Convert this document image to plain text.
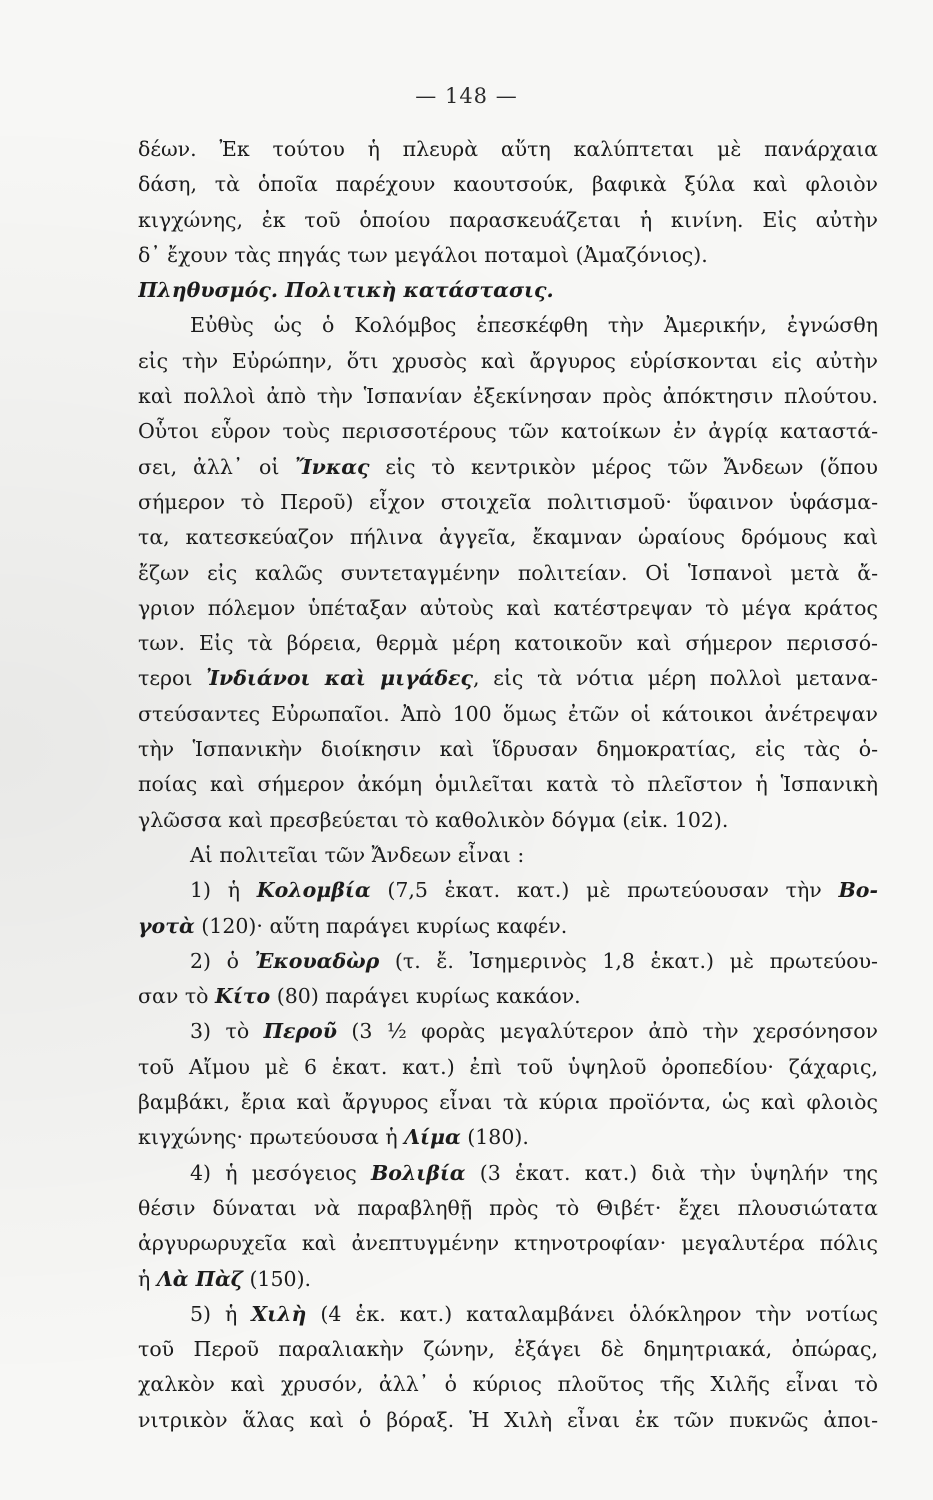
— 148 —
δέων. Ἐκ τούτου ἡ πλευρὰ αὕτη καλύπτεται μὲ πανάρχαια
δάση, τὰ ὁποῖα παρέχουν καουτσούκ, βαφικὰ ξύλα καὶ φλοιὸν
κιγχώνης, ἐκ τοῦ ὁποίου παρασκευάζεται ἡ κινίνη. Εἰς αὐτὴν
δ᾽ ἔχουν τὰς πηγάς των μεγάλοι ποταμοὶ (Ἀμαζόνιος).
Πληθυσμός. Πολιτικὴ κατάστασις.
Εὐθὺς ὡς ὁ Κολόμβος ἐπεσκέφθη τὴν Ἀμερικήν, ἐγνώσθη
εἰς τὴν Εὐρώπην, ὅτι χρυσὸς καὶ ἄργυρος εὑρίσκονται εἰς αὐτὴν
καὶ πολλοὶ ἀπὸ τὴν Ἱσπανίαν ἐξεκίνησαν πρὸς ἀπόκτησιν πλούτου.
Οὗτοι εὗρον τοὺς περισσοτέρους τῶν κατοίκων ἐν ἀγρίᾳ καταστά-
σει, ἀλλ᾽ οἱ Ἴνκας εἰς τὸ κεντρικὸν μέρος τῶν Ἄνδεων (ὅπου
σήμερον τὸ Περοῦ) εἶχον στοιχεῖα πολιτισμοῦ· ὕφαινον ὑφάσμα-
τα, κατεσκεύαζον πήλινα ἀγγεῖα, ἔκαμναν ὡραίους δρόμους καὶ
ἔζων εἰς καλῶς συντεταγμένην πολιτείαν. Οἱ Ἱσπανοὶ μετὰ ἄ-
γριον πόλεμον ὑπέταξαν αὐτοὺς καὶ κατέστρεψαν τὸ μέγα κράτος
των. Εἰς τὰ βόρεια, θερμὰ μέρη κατοικοῦν καὶ σήμερον περισσό-
τεροι Ἰνδιάνοι καὶ μιγάδες, εἰς τὰ νότια μέρη πολλοὶ μετανα-
στεύσαντες Εὐρωπαῖοι. Ἀπὸ 100 ὅμως ἐτῶν οἱ κάτοικοι ἀνέτρεψαν
τὴν Ἱσπανικὴν διοίκησιν καὶ ἵδρυσαν δημοκρατίας, εἰς τὰς ὁ-
ποίας καὶ σήμερον ἀκόμη ὁμιλεῖται κατὰ τὸ πλεῖστον ἡ Ἱσπανικὴ
γλῶσσα καὶ πρεσβεύεται τὸ καθολικὸν δόγμα (εἰκ. 102).
Αἱ πολιτεῖαι τῶν Ἄνδεων εἶναι :
1) ἡ Κολομβία (7,5 ἑκατ. κατ.) μὲ πρωτεύουσαν τὴν Βο-
γοτὰ (120)· αὕτη παράγει κυρίως καφέν.
2) ὁ Ἐκουαδὼρ (τ. ἔ. Ἰσημερινὸς 1,8 ἑκατ.) μὲ πρωτεύου-
σαν τὸ Κίτο (80) παράγει κυρίως κακάον.
3) τὸ Περοῦ (3 ½ φορὰς μεγαλύτερον ἀπὸ τὴν χερσόνησον
τοῦ Αἴμου μὲ 6 ἑκατ. κατ.) ἐπὶ τοῦ ὑψηλοῦ ὀροπεδίου· ζάχαρις,
βαμβάκι, ἔρια καὶ ἄργυρος εἶναι τὰ κύρια προϊόντα, ὡς καὶ φλοιὸς
κιγχώνης· πρωτεύουσα ἡ Λίμα (180).
4) ἡ μεσόγειος Βολιβία (3 ἑκατ. κατ.) διὰ τὴν ὑψηλήν της
θέσιν δύναται νὰ παραβληθῇ πρὸς τὸ Θιβέτ· ἔχει πλουσιώτατα
ἀργυρωρυχεῖα καὶ ἀνεπτυγμένην κτηνοτροφίαν· μεγαλυτέρα πόλις
ἡ Λὰ Πὰζ (150).
5) ἡ Χιλὴ (4 ἑκ. κατ.) καταλαμβάνει ὁλόκληρον τὴν νοτίως
τοῦ Περοῦ παραλιακὴν ζώνην, ἐξάγει δὲ δημητριακά, ὀπώρας,
χαλκὸν καὶ χρυσόν, ἀλλ᾽ ὁ κύριος πλοῦτος τῆς Χιλῆς εἶναι τὸ
νιτρικὸν ἅλας καὶ ὁ βόραξ. Ἡ Χιλὴ εἶναι ἐκ τῶν πυκνῶς ἀποι-
